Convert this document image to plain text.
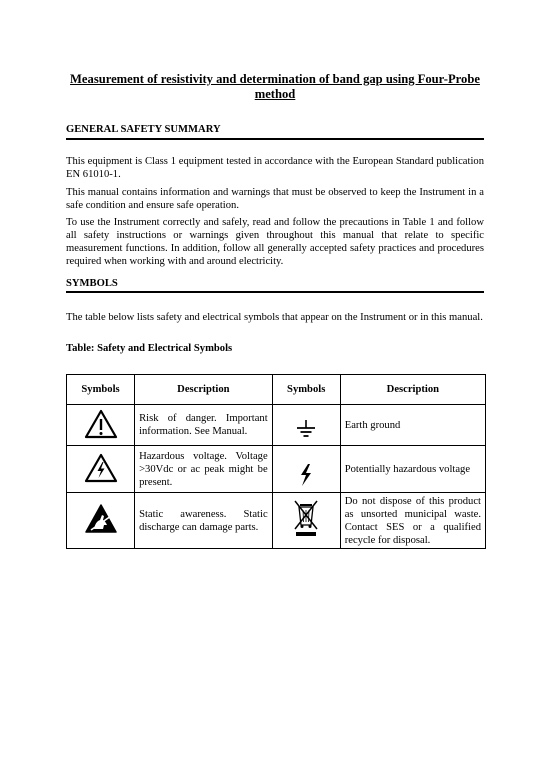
Measurement of resistivity and determination of band gap using Four-Probe method
GENERAL SAFETY SUMMARY

This equipment is Class 1 equipment tested in accordance with the European Standard publication EN 61010-1.

This manual contains information and warnings that must be observed to keep the Instrument in a safe condition and ensure safe operation.

To use the Instrument correctly and safely, read and follow the precautions in Table 1 and follow all safety instructions or warnings given throughout this manual that relate to specific measurement functions. In addition, follow all generally accepted safety practices and procedures required when working with and around electricity.

SYMBOLS

The table below lists safety and electrical symbols that appear on the Instrument or in this manual.

Table: Safety and Electrical Symbols
Symbols	Description	Symbols	Description
	Risk of danger. Important information. See Manual.		Earth ground
	Hazardous voltage. Voltage >30Vdc or ac peak might be present.		Potentially hazardous voltage
	Static awareness. Static discharge can damage parts.		Do not dispose of this product as unsorted municipal waste. Contact SES or a qualified recycle for disposal.
